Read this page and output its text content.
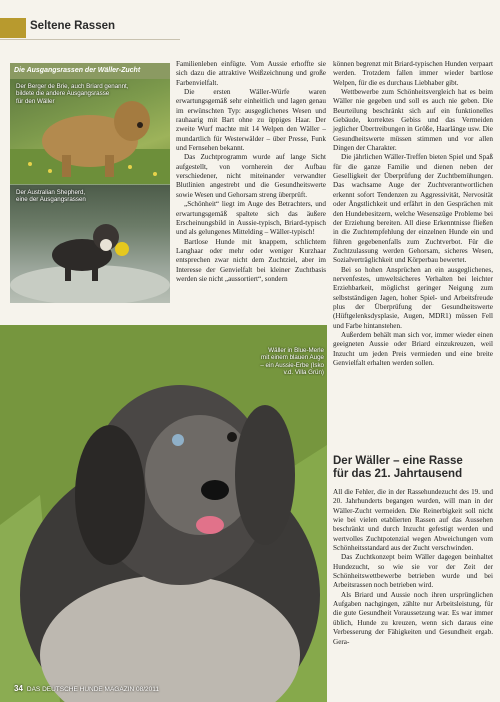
Seltene Rassen
Die Ausgangsrassen der Wäller-Zucht
Der Berger de Brie, auch Briard genannt,
bildete die andere Ausgangsrasse
für den Wäller
Der Australian Shepherd,
eine der Ausgangsrassen

Familienleben einfügte. Vom Aussie erhoffte sie sich dazu die attraktive Weißzeichnung und große Farbenvielfalt.

Die ersten Wäller-Würfe waren erwartungsgemäß sehr einheitlich und lagen genau im erwünschten Typ: ausgeglichenes Wesen und rauhaarig mit Bart ohne zu üppiges Haar. Der zweite Wurf machte mit 14 Welpen den Wäller – mundartlich für Westerwälder – über Presse, Funk und Fernsehen bekannt.

Das Zuchtprogramm wurde auf lange Sicht aufgestellt, von vornherein der Aufbau verschiedener, nicht miteinander verwandter Blutlinien angestrebt und die Gesundheitswerte sowie Wesen und Gehorsam streng überprüft.

„Schönheit“ liegt im Auge des Betrachters, und erwartungsgemäß spaltete sich das äußere Erscheinungsbild in Aussie-typisch, Briard-typisch und als gelungenes Mittelding – Wäller-typisch!

Bartlose Hunde mit knappem, schlichtem Langhaar oder mehr oder weniger Kurzhaar entsprechen zwar nicht dem Zuchtziel, aber im Interesse der Genvielfalt bei kleiner Zuchtbasis werden sie nicht „aussortiert“, sondern

können begrenzt mit Briard-typischen Hunden verpaart werden. Trotzdem fallen immer wieder bartlose Welpen, für die es durchaus Liebhaber gibt.

Wettbewerbe zum Schönheitsvergleich hat es beim Wäller nie gegeben und soll es auch nie geben. Die Beurteilung beschränkt sich auf ein funktionelles Gebäude, korrektes Gebiss und das Vermeiden jeglicher Übertreibungen in Größe, Haarlänge usw. Die Gesundheitswerte müssen stimmen und vor allen Dingen der Charakter.

Die jährlichen Wäller-Treffen bieten Spiel und Spaß für die ganze Familie und dienen neben der Geselligkeit der Überprüfung der Zuchtbemühungen. Das wachsame Auge der Zuchtverantwortlichen erkennt sofort Tendenzen zu Aggressivität, Nervosität oder Ängstlichkeit und erfährt in den Gesprächen mit den Hundebesitzern, welche Wesenszüge Probleme bei der Erziehung bereiten. All diese Erkenntnisse fließen in die Zuchtempfehlung der einzelnen Hunde ein und führen gegebenenfalls zum Zuchtverbot. Für die Zuchtzulassung werden Gehorsam, sicheres Wesen, Sozialverträglichkeit und Körperbau bewertet.

Bei so hohen Ansprüchen an ein ausgeglichenes, nervenfestes, umweltsicheres Verhalten bei leichter Erziehbarkeit, möglichst geringer Neigung zum selbstständigen Jagen, hoher Spiel- und Arbeitsfreude plus der Überprüfung der Gesundheitswerte (Hüftgelenksdysplasie, Augen, MDR1) müssen Fell und Farbe hintanstehen.

Außerdem behält man sich vor, immer wieder einen geeigneten Aussie oder Briard einzukreuzen, weil Inzucht um jeden Preis vermieden und eine breite Genvielfalt erhalten werden sollen.

Der Wäller – eine Rasse
für das 21. Jahrtausend

All die Fehler, die in der Rassehundezucht des 19. und 20. Jahrhunderts begangen wurden, will man in der Wäller-Zucht vermeiden. Die Reinerbigkeit soll nicht wie bei vielen etablierten Rassen auf das Aussehen beschränkt und durch Inzucht gefestigt werden und wertvolles Zuchtpotenzial wegen Abweichungen vom Schönheitsstandard aus der Zucht verschwinden.

Das Zuchtkonzept beim Wäller dagegen beinhaltet Hundezucht, so wie sie vor der Zeit der Schönheitswettbewerbe betrieben wurde und bei Arbeitsrassen noch betrieben wird.

Als Briard und Aussie noch ihren ursprünglichen Aufgaben nachgingen, zählte nur Arbeitsleistung, für die gute Gesundheit Voraussetzung war. Es war immer üblich, Hunde zu kreuzen, wenn sich daraus eine Verbesserung der Fähigkeiten und Gesundheit ergab. Gera-

Wäller in Blue-Merle
mit einem blauen Auge
– ein Aussie-Erbe (Isko
v.d. Villa Grün)
34 DAS DEUTSCHE HUNDE MAGAZIN 08/2011
